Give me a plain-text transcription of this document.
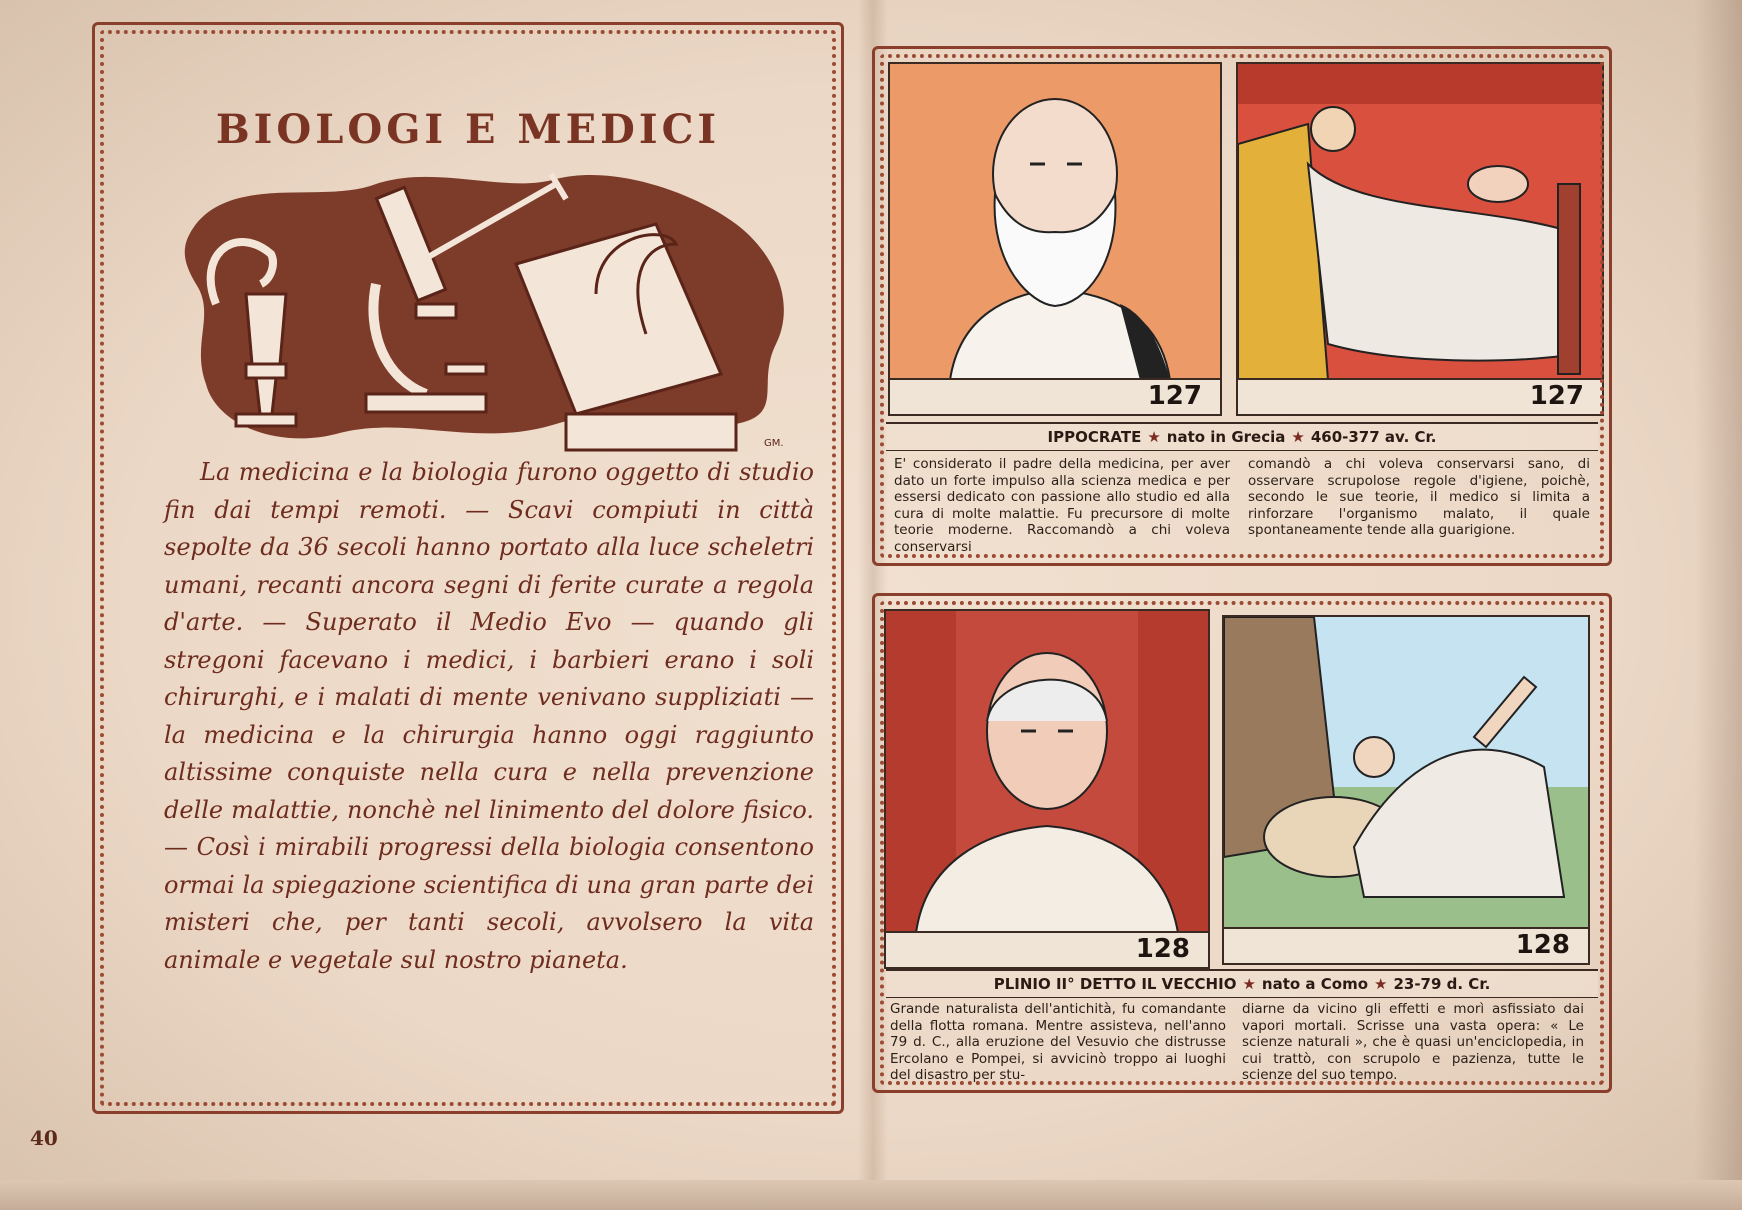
BIOLOGI E MEDICI
GM.

La medicina e la biologia furono oggetto di studio fin dai tempi remoti. — Scavi compiuti in città sepolte da 36 secoli hanno portato alla luce scheletri umani, recanti ancora segni di ferite curate a regola d'arte. — Superato il Medio Evo — quando gli stregoni facevano i medici, i barbieri erano i soli chirurghi, e i malati di mente venivano suppliziati — la medicina e la chirurgia hanno oggi raggiunto altissime conquiste nella cura e nella prevenzione delle malattie, nonchè nel linimento del dolore fisico. — Così i mirabili progressi della biologia consentono ormai la spiegazione scientifica di una gran parte dei misteri che, per tanti secoli, avvolsero la vita animale e vegetale sul nostro pianeta.

40
127	127
IPPOCRATE ★ nato in Grecia ★ 460-377 av. Cr.

E' considerato il padre della medicina, per aver dato un forte impulso alla scienza medica e per essersi dedicato con passione allo studio ed alla cura di molte malattie. Fu precursore di molte teorie moderne. Raccomandò a chi voleva conservarsi

comandò a chi voleva conservarsi sano, di osservare scrupolose regole d'igiene, poichè, secondo le sue teorie, il medico si limita a rinforzare l'organismo malato, il quale spontaneamente tende alla guarigione.

128	128
PLINIO II° DETTO IL VECCHIO ★ nato a Como ★ 23-79 d. Cr.

Grande naturalista dell'antichità, fu comandante della flotta romana. Mentre assisteva, nell'anno 79 d. C., alla eruzione del Vesuvio che distrusse Ercolano e Pompei, si avvicinò troppo ai luoghi del disastro per stu-

diarne da vicino gli effetti e morì asfissiato dai vapori mortali. Scrisse una vasta opera: « Le scienze naturali », che è quasi un'enciclopedia, in cui trattò, con scrupolo e pazienza, tutte le scienze del suo tempo.
